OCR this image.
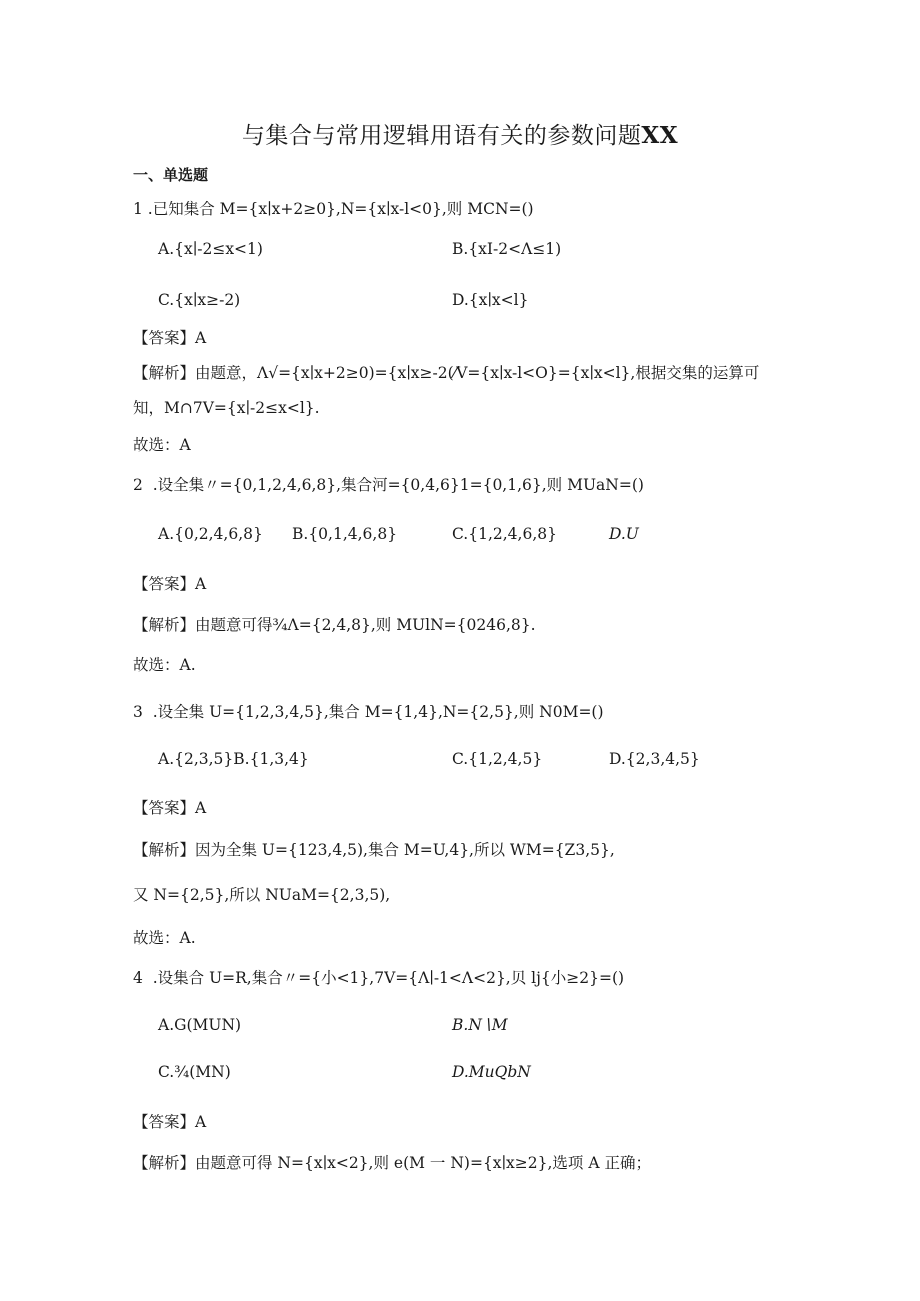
与集合与常用逻辑用语有关的参数问题XX
一、单选题
1 .已知集合 M={x∣x+2≥0},N={x∣x-l<0},则 MCN=()
A.{x∣-2≤x<1)	B.{xI-2<Λ≤1)
C.{x∣x≥-2)	D.{x∣x<l}
【答案】A
【解析】由题意，Λ√={x∣x+2≥0)={x∣x≥-2(⁄V={x∣x-l<O}={x∣x<l},根据交集的运算可
知，M∩7V={x∣-2≤x<l}.
故选：A
2  .设全集〃={0,1,2,4,6,8},集合河={0,4,6}1={0,1,6},则 MUaN=()
A.{0,2,4,6,8} B.{0,1,4,6,8}	C.{1,2,4,6,8}	D.U
【答案】A
【解析】由题意可得¾Λ={2,4,8},则 MUlN={0246,8}.
故选：A.
3  .设全集 U={1,2,3,4,5},集合 M={1,4},N={2,5},则 N0M=()
A.{2,3,5}B.{1,3,4}	C.{1,2,4,5}	D.{2,3,4,5}
【答案】A
【解析】因为全集 U={123,4,5),集合 M=U,4},所以 WM={Z3,5},
又 N={2,5},所以 NUaM={2,3,5),
故选：A.
4  .设集合 U=R,集合〃={小<1},7V={Λ∣-1<Λ<2},贝 lj{小≥2}=()
A.G(MUN)	B.N∖M
C.¾(MN)	D.MuQbN
【答案】A
【解析】由题意可得 N={x∣x<2},则 e(M 一 N)={x∣x≥2},选项 A 正确；
